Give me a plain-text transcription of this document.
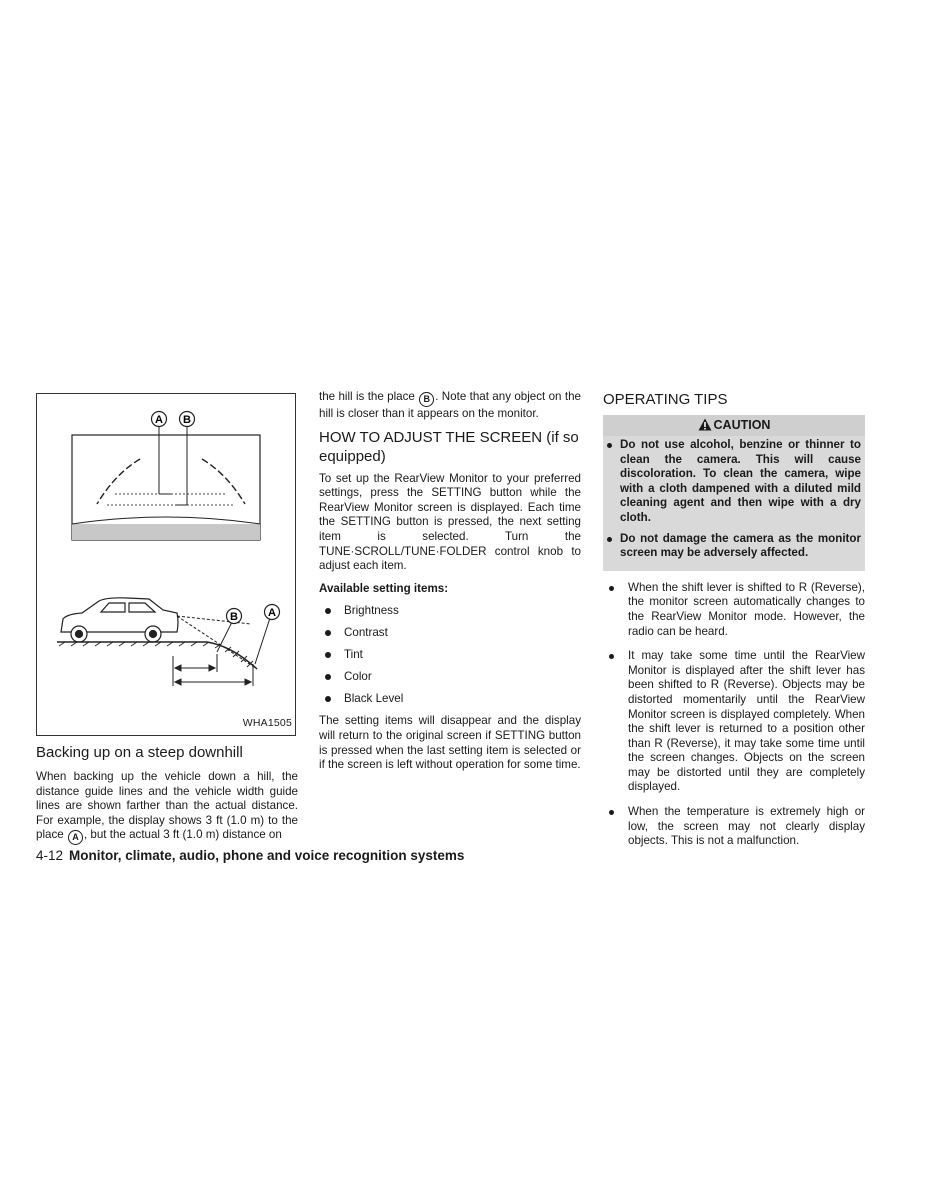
A B
B	A
WHA1505
Backing up on a steep downhill

When backing up the vehicle down a hill, the distance guide lines and the vehicle width guide lines are shown farther than the actual distance. For example, the display shows 3 ft (1.0 m) to the place A , but the actual 3 ft (1.0 m) distance on

the hill is the place B . Note that any object on the hill is closer than it appears on the monitor.

HOW TO ADJUST THE SCREEN (if so equipped)

To set up the RearView Monitor to your preferred settings, press the SETTING button while the RearView Monitor screen is displayed. Each time the SETTING button is pressed, the next setting item is selected. Turn the TUNE·SCROLL/TUNE·FOLDER control knob to adjust each item.

Available setting items:
Brightness
Contrast
Tint
Color
Black Level

The setting items will disappear and the display will return to the original screen if SETTING button is pressed when the last setting item is selected or if the screen is left without operation for some time.

OPERATING TIPS
CAUTION
Do not use alcohol, benzine or thinner to clean the camera. This will cause discoloration. To clean the camera, wipe with a cloth dampened with a diluted mild cleaning agent and then wipe with a dry cloth.
Do not damage the camera as the monitor screen may be adversely affected.
When the shift lever is shifted to R (Reverse), the monitor screen automatically changes to the RearView Monitor mode. However, the radio can be heard.
It may take some time until the RearView Monitor is displayed after the shift lever has been shifted to R (Reverse). Objects may be distorted momentarily until the RearView Monitor screen is displayed completely. When the shift lever is returned to a position other than R (Reverse), it may take some time until the screen changes. Objects on the screen may be distorted until they are completely displayed.
When the temperature is extremely high or low, the screen may not clearly display objects. This is not a malfunction.
4-12 Monitor, climate, audio, phone and voice recognition systems
